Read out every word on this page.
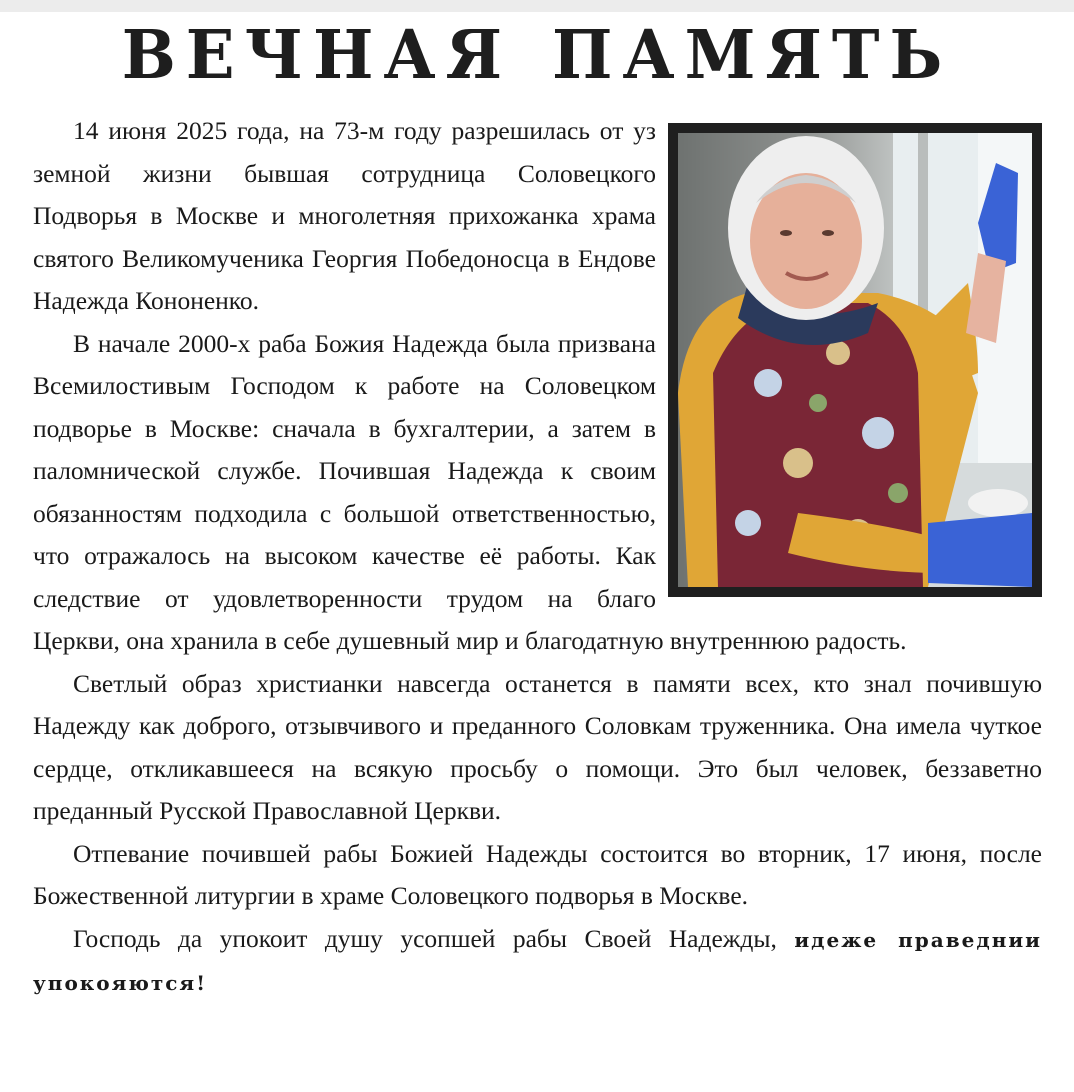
ВЕЧНАЯ ПАМЯТЬ

14 июня 2025 года, на 73-м году разрешилась от уз земной жизни бывшая сотрудница Соловецкого Подворья в Москве и многолетняя прихожанка храма святого Великомученика Георгия Победоносца в Ендове Надежда Кононенко.

В начале 2000-х раба Божия Надежда была призвана Всемилостивым Господом к работе на Соловецком подворье в Москве: сначала в бухгалтерии, а затем в паломнической службе. Почившая Надежда к своим обязанностям подходила с большой ответственностью, что отражалось на высоком качестве её работы. Как следствие от удовлетворенности трудом на благо Церкви, она хранила в себе душевный мир и благодатную внутреннюю радость.

Светлый образ христианки навсегда останется в памяти всех, кто знал почившую Надежду как доброго, отзывчивого и преданного Соловкам труженника. Она имела чуткое сердце, откликавшееся на всякую просьбу о помощи. Это был человек, беззаветно преданный Русской Православной Церкви.

Отпевание почившей рабы Божией Надежды состоится во вторник, 17 июня, после Божественной литургии в храме Соловецкого подворья в Москве.

Господь да упокоит душу усопшей рабы Своей Надежды, идеже праведнии упокояются!
